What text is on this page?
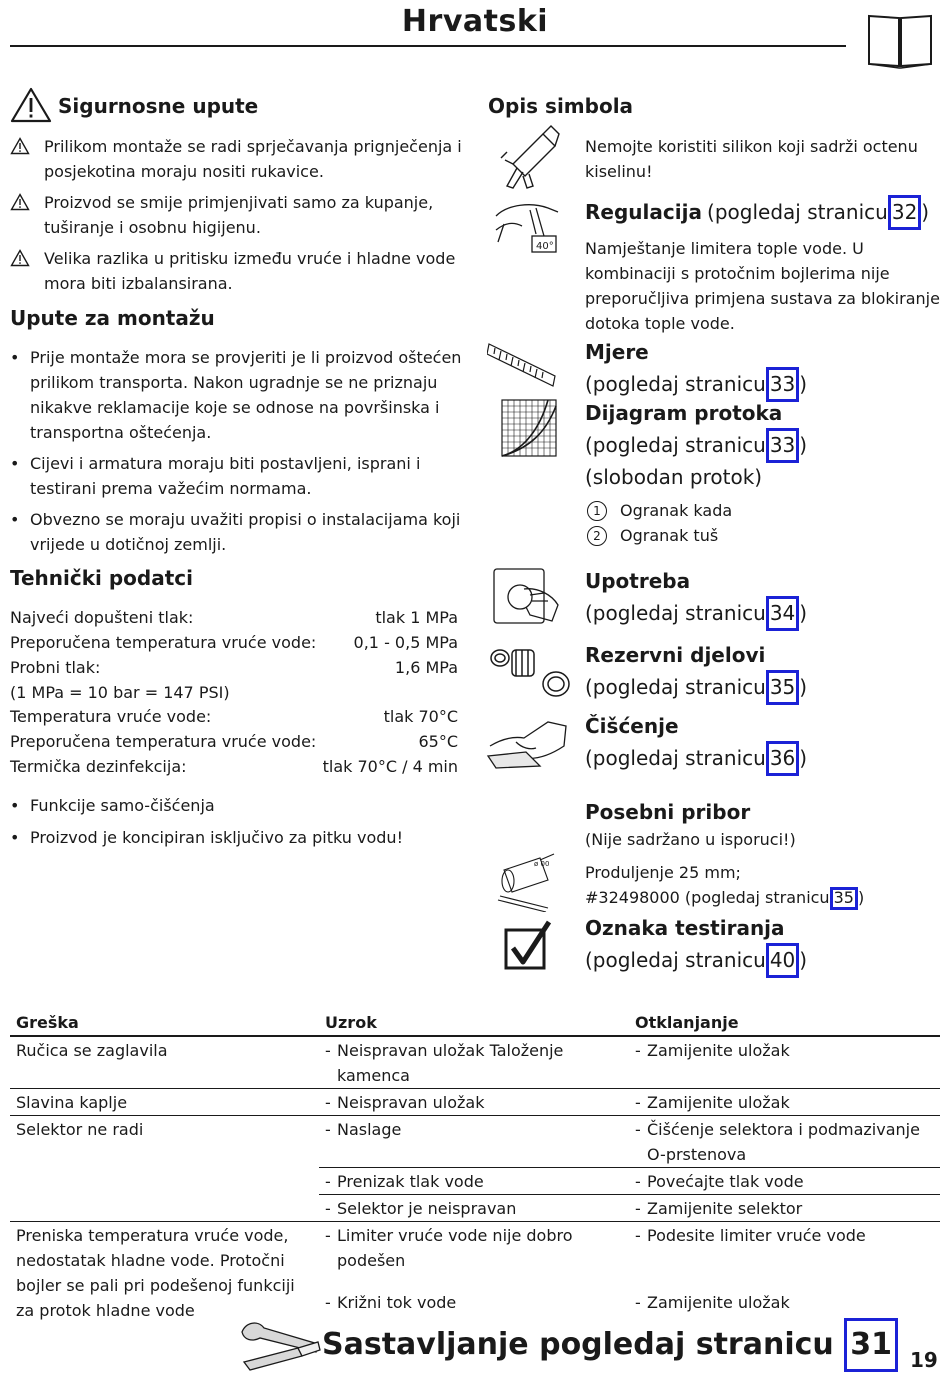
Hrvatski
Sigurnosne upute
Prilikom montaže se radi sprječavanja prignječenja i posjekotina moraju nositi rukavice.
Proizvod se smije primjenjivati samo za kupanje, tuširanje i osobnu higijenu.
Velika razlika u pritisku između vruće i hladne vode mora biti izbalansirana.
Upute za montažu
• Prije montaže mora se provjeriti je li proizvod oštećen prilikom transporta. Nakon ugradnje se ne priznaju nikakve reklamacije koje se odnose na površinska i transportna oštećenja.
• Cijevi i armatura moraju biti postavljeni, isprani i testirani prema važećim normama.
• Obvezno se moraju uvažiti propisi o instalacijama koji vrijede u dotičnoj zemlji.
Tehnički podatci
Najveći dopušteni tlak:	tlak 1 MPa
Preporučena temperatura vruće vode: 0,1 - 0,5 MPa
Probni tlak:	1,6 MPa
(1 MPa = 10 bar = 147 PSI)
Temperatura vruće vode:	tlak 70°C
Preporučena temperatura vruće vode:	65°C
Termička dezinfekcija:	tlak 70°C / 4 min
• Funkcije samo-čišćenja
• Proizvod je koncipiran isključivo za pitku vodu!
Opis simbola
Nemojte koristiti silikon koji sadrži octenu kiselinu!
40°
Regulacija (pogledaj stranicu 32 )
Namještanje limitera tople vode. U kombinaciji s protočnim bojlerima nije preporučljiva primjena sustava za blokiranje dotoka tople vode.
Mjere
(pogledaj stranicu 33 )
Dijagram protoka
(pogledaj stranicu 33 )
(slobodan protok)
1	Ogranak kada
2	Ogranak tuš
Upotreba
(pogledaj stranicu 34 )
Rezervni djelovi
(pogledaj stranicu 35 )
Čišćenje
(pogledaj stranicu 36 )
Posebni pribor
(Nije sadržano u isporuci!)
Produljenje 25 mm;
#32498000 (pogledaj stranicu 35 )
ø 00
Oznaka testiranja
(pogledaj stranicu 40 )
Greška	Uzrok	Otklanjanje
Ručica se zaglavila	- Neispravan uložak Taloženje kamenca	- Zamijenite uložak

Slavina kaplje	- Neispravan uložak	- Zamijenite uložak

Selektor ne radi	- Naslage	- Čišćenje selektora i podmazivanje O-prstenova

	- Prenizak tlak vode	- Povećajte tlak vode

	- Selektor je neispravan	- Zamijenite selektor

Preniska temperatura vruće vode, nedostatak hladne vode. Protočni bojler se pali pri podešenoj funkciji za protok hladne vode	- Limiter vruće vode nije dobro podešen	- Podesite limiter vruće vode

	- Križni tok vode	- Zamijenite uložak
Sastavljanje pogledaj stranicu 31 19
